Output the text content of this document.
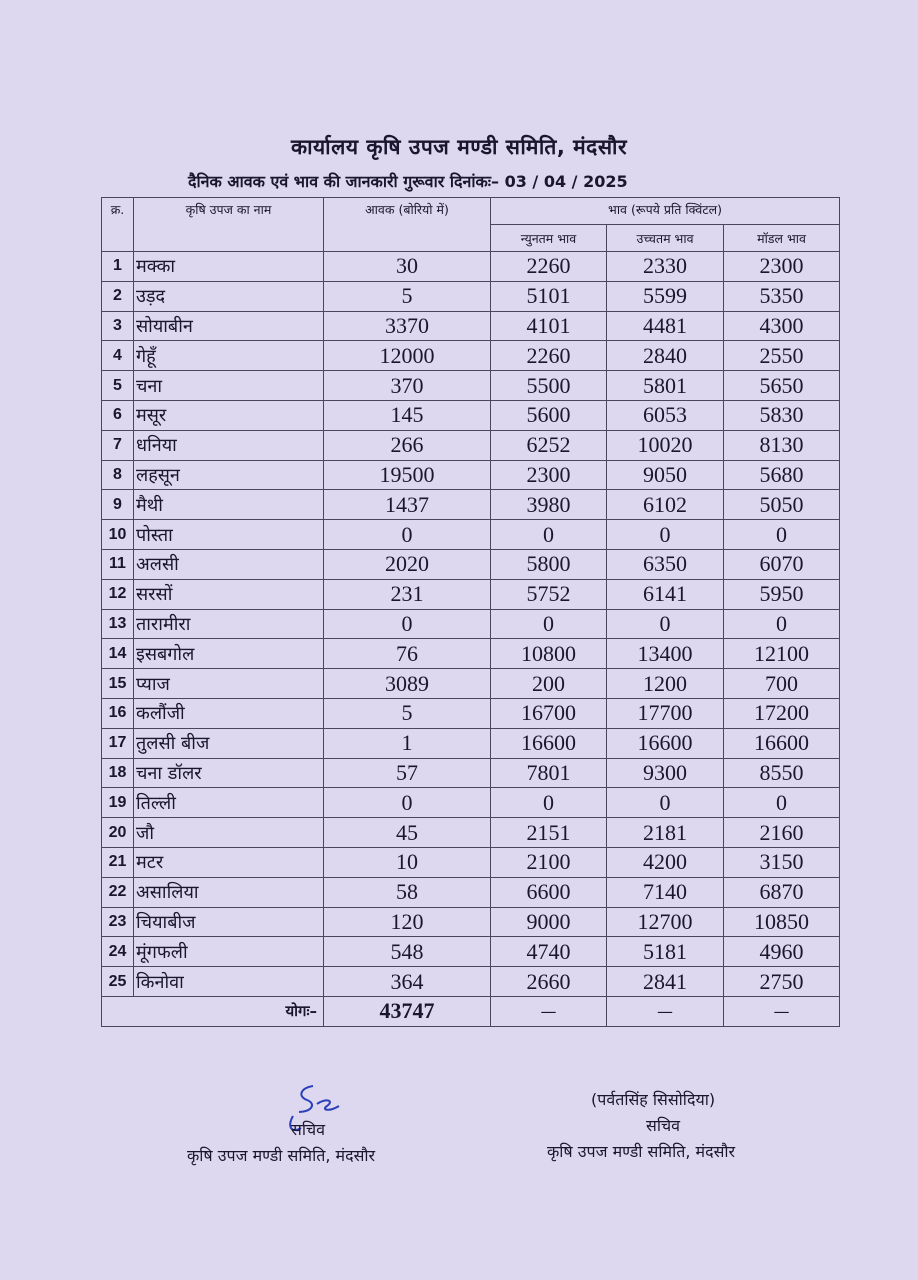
कार्यालय कृषि उपज मण्डी समिति, मंदसौर
दैनिक आवक एवं भाव की जानकारी गुरूवार दिनांकः– 03 / 04 / 2025
क्र.	कृषि उपज का नाम	आवक (बोरियो में)	भाव (रूपये प्रति क्विंटल)		
			न्युनतम भाव	उच्चतम भाव	मॉडल भाव
1	मक्का	30	2260	2330	2300
2	उड़द	5	5101	5599	5350
3	सोयाबीन	3370	4101	4481	4300
4	गेहूँ	12000	2260	2840	2550
5	चना	370	5500	5801	5650
6	मसूर	145	5600	6053	5830
7	धनिया	266	6252	10020	8130
8	लहसून	19500	2300	9050	5680
9	मैथी	1437	3980	6102	5050
10	पोस्ता	0	0	0	0
11	अलसी	2020	5800	6350	6070
12	सरसों	231	5752	6141	5950
13	तारामीरा	0	0	0	0
14	इसबगोल	76	10800	13400	12100
15	प्याज	3089	200	1200	700
16	कलौंजी	5	16700	17700	17200
17	तुलसी बीज	1	16600	16600	16600
18	चना डॉलर	57	7801	9300	8550
19	तिल्ली	0	0	0	0
20	जौ	45	2151	2181	2160
21	मटर	10	2100	4200	3150
22	असालिया	58	6600	7140	6870
23	चियाबीज	120	9000	12700	10850
24	मूंगफली	548	4740	5181	4960
25	किनोवा	364	2660	2841	2750
योगः–		43747	—	—	—
सचिव
कृषि उपज मण्डी समिति, मंदसौर
(पर्वतसिंह सिसोदिया)
सचिव
कृषि उपज मण्डी समिति, मंदसौर
